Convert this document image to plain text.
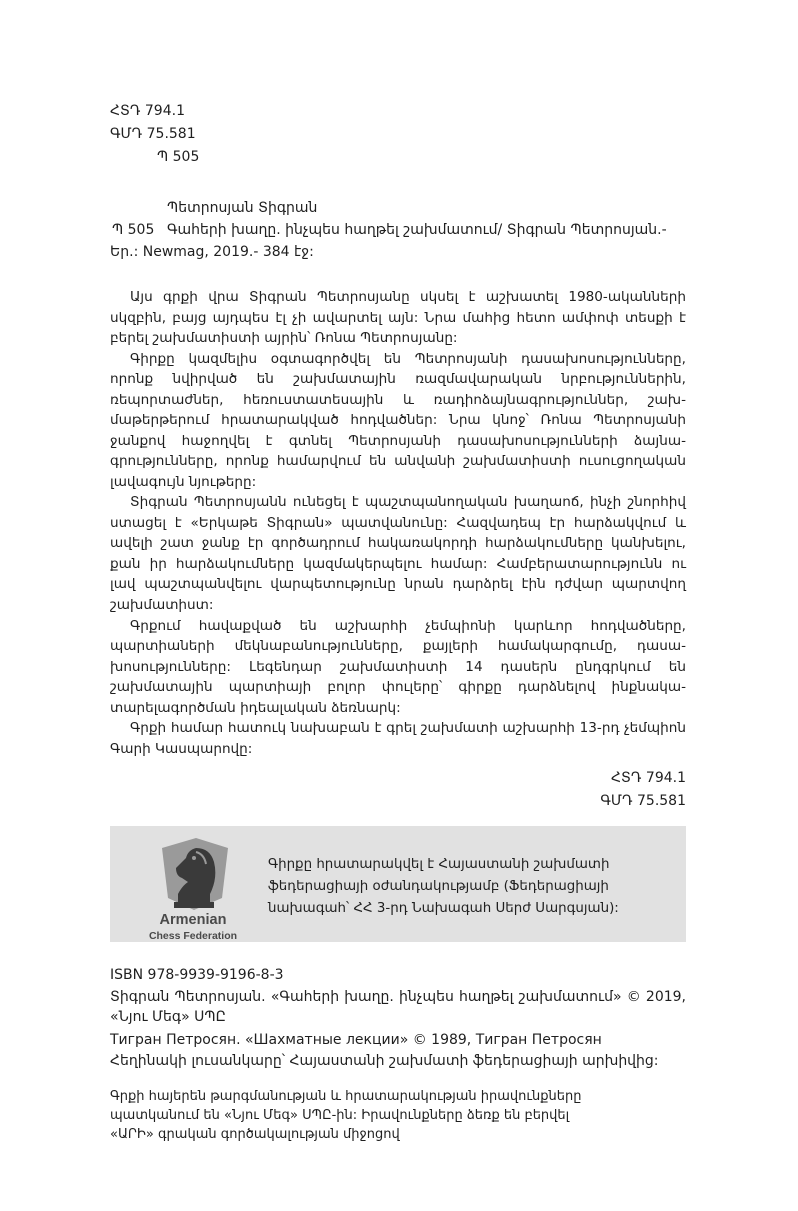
ՀՏԴ 794.1
ԳՄԴ 75.581
Պ 505
Պետրոսյան Տիգրան
Պ 505 Գահերի խաղը. ինչպես հաղթել շախմատում/ Տիգրան Պետրոսյան.-
Եր.: Newmag, 2019.- 384 էջ:
Այս գրքի վրա Տիգրան Պետրոսյանը սկսել է աշխատել 1980-ականների
սկզբին, բայց այդպես էլ չի ավարտել այն: Նրա մահից հետո ամփոփ տեսքի է
բերել շախմատիստի այրին՝ Ռոնա Պետրոսյանը:
Գիրքը կազմելիս օգտագործվել են Պետրոսյանի դասախոսությունները,
որոնք նվիրված են շախմատային ռազմավարական նրբություններին,
ռեպորտաժներ, հեռուստատեսային և ռադիոձայնագրություններ, շախ-
մաթերթերում հրատարակված հոդվածներ: Նրա կնոջ՝ Ռոնա Պետրոսյանի
ջանքով հաջողվել է գտնել Պետրոսյանի դասախոսությունների ձայնա-
գրությունները, որոնք համարվում են անվանի շախմատիստի ուսուցողական
լավագույն նյութերը:
Տիգրան Պետրոսյանն ունեցել է պաշտպանողական խաղաոճ, ինչի շնորհիվ
ստացել է «Երկաթե Տիգրան» պատվանունը: Հազվադեպ էր հարձակվում և
ավելի շատ ջանք էր գործադրում հակառակորդի հարձակումները կանխելու,
քան իր հարձակումները կազմակերպելու համար: Համբերատարությունն ու
լավ պաշտպանվելու վարպետությունը նրան դարձրել էին դժվար պարտվող
շախմատիստ:
Գրքում հավաքված են աշխարհի չեմպիոնի կարևոր հոդվածները,
պարտիաների մեկնաբանությունները, քայլերի համակարգումը, դասա-
խոսությունները: Լեգենդար շախմատիստի 14 դասերն ընդգրկում են
շախմատային պարտիայի բոլոր փուլերը՝ գիրքը դարձնելով ինքնակա-
տարելագործման իդեալական ձեռնարկ:
Գրքի համար հատուկ նախաբան է գրել շախմատի աշխարհի 13-րդ չեմպիոն
Գարի Կասպարովը:
ՀՏԴ 794.1
ԳՄԴ 75.581
Armenian
Chess Federation
Գիրքը հրատարակվել է Հայաստանի շախմատի
ֆեդերացիայի օժանդակությամբ (Ֆեդերացիայի
նախագահ՝ ՀՀ 3-րդ Նախագահ Սերժ Սարգսյան):
ISBN 978-9939-9196-8-3
Տիգրան Պետրոսյան. «Գահերի խաղը. ինչպես հաղթել շախմատում» © 2019,
«Նյու Մեգ» ՍՊԸ
Тигран Петросян. «Шахматные лекции» © 1989, Тигран Петросян
Հեղինակի լուսանկարը՝ Հայաստանի շախմատի ֆեդերացիայի արխիվից:
Գրքի հայերեն թարգմանության և հրատարակության իրավունքները
պատկանում են «Նյու Մեգ» ՍՊԸ-ին: Իրավունքները ձեռք են բերվել
«ԱՐԻ» գրական գործակալության միջոցով
